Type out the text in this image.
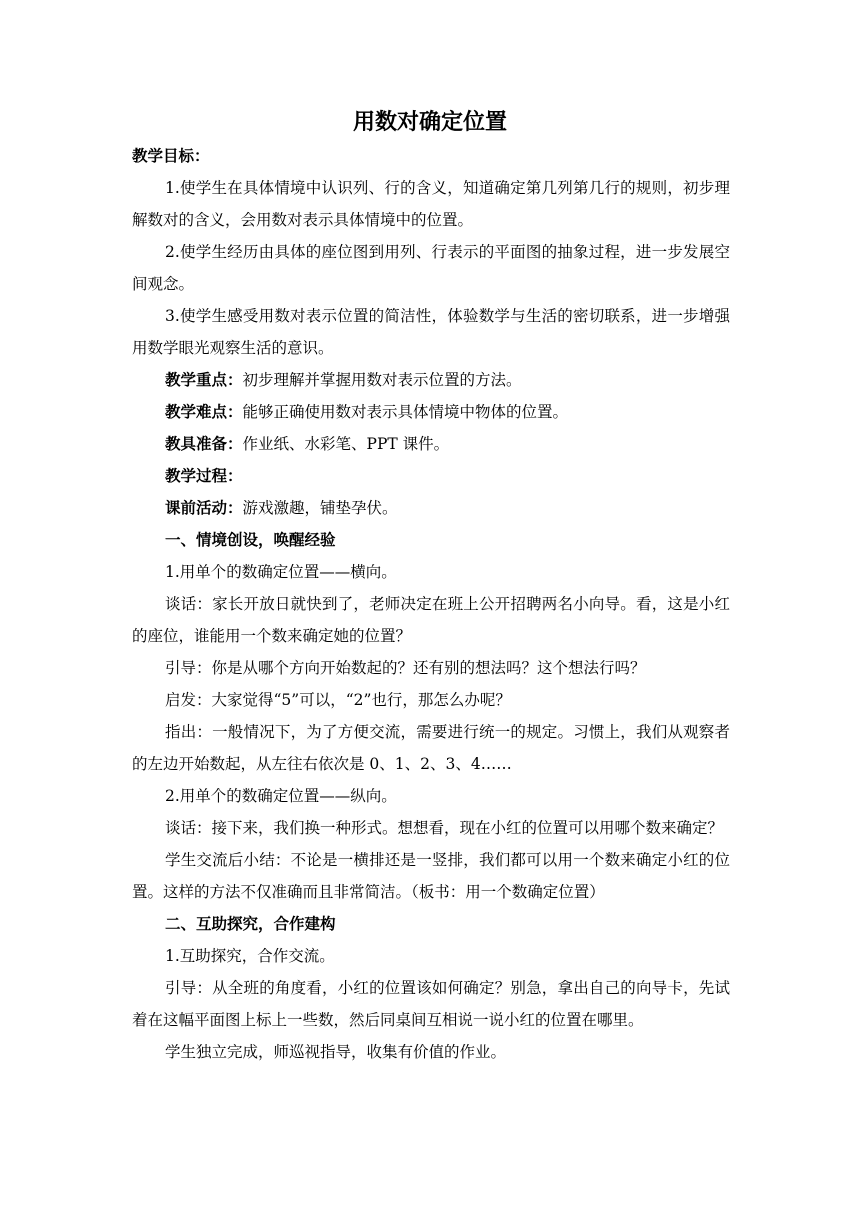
用数对确定位置

教学目标：

1.使学生在具体情境中认识列、行的含义，知道确定第几列第几行的规则，初步理解数对的含义，会用数对表示具体情境中的位置。

2.使学生经历由具体的座位图到用列、行表示的平面图的抽象过程，进一步发展空间观念。

3.使学生感受用数对表示位置的简洁性，体验数学与生活的密切联系，进一步增强用数学眼光观察生活的意识。

教学重点：初步理解并掌握用数对表示位置的方法。

教学难点：能够正确使用数对表示具体情境中物体的位置。

教具准备：作业纸、水彩笔、PPT 课件。

教学过程：

课前活动：游戏激趣，铺垫孕伏。

一、情境创设，唤醒经验

1.用单个的数确定位置——横向。

谈话：家长开放日就快到了，老师决定在班上公开招聘两名小向导。看，这是小红的座位，谁能用一个数来确定她的位置？

引导：你是从哪个方向开始数起的？还有别的想法吗？这个想法行吗？

启发：大家觉得“5”可以，“2”也行，那怎么办呢？

指出：一般情况下，为了方便交流，需要进行统一的规定。习惯上，我们从观察者的左边开始数起，从左往右依次是 0、1、2、3、4……

2.用单个的数确定位置——纵向。

谈话：接下来，我们换一种形式。想想看，现在小红的位置可以用哪个数来确定？

学生交流后小结：不论是一横排还是一竖排，我们都可以用一个数来确定小红的位置。这样的方法不仅准确而且非常简洁。（板书：用一个数确定位置）

二、互助探究，合作建构

1.互助探究，合作交流。

引导：从全班的角度看，小红的位置该如何确定？别急，拿出自己的向导卡，先试着在这幅平面图上标上一些数，然后同桌间互相说一说小红的位置在哪里。

学生独立完成，师巡视指导，收集有价值的作业。
